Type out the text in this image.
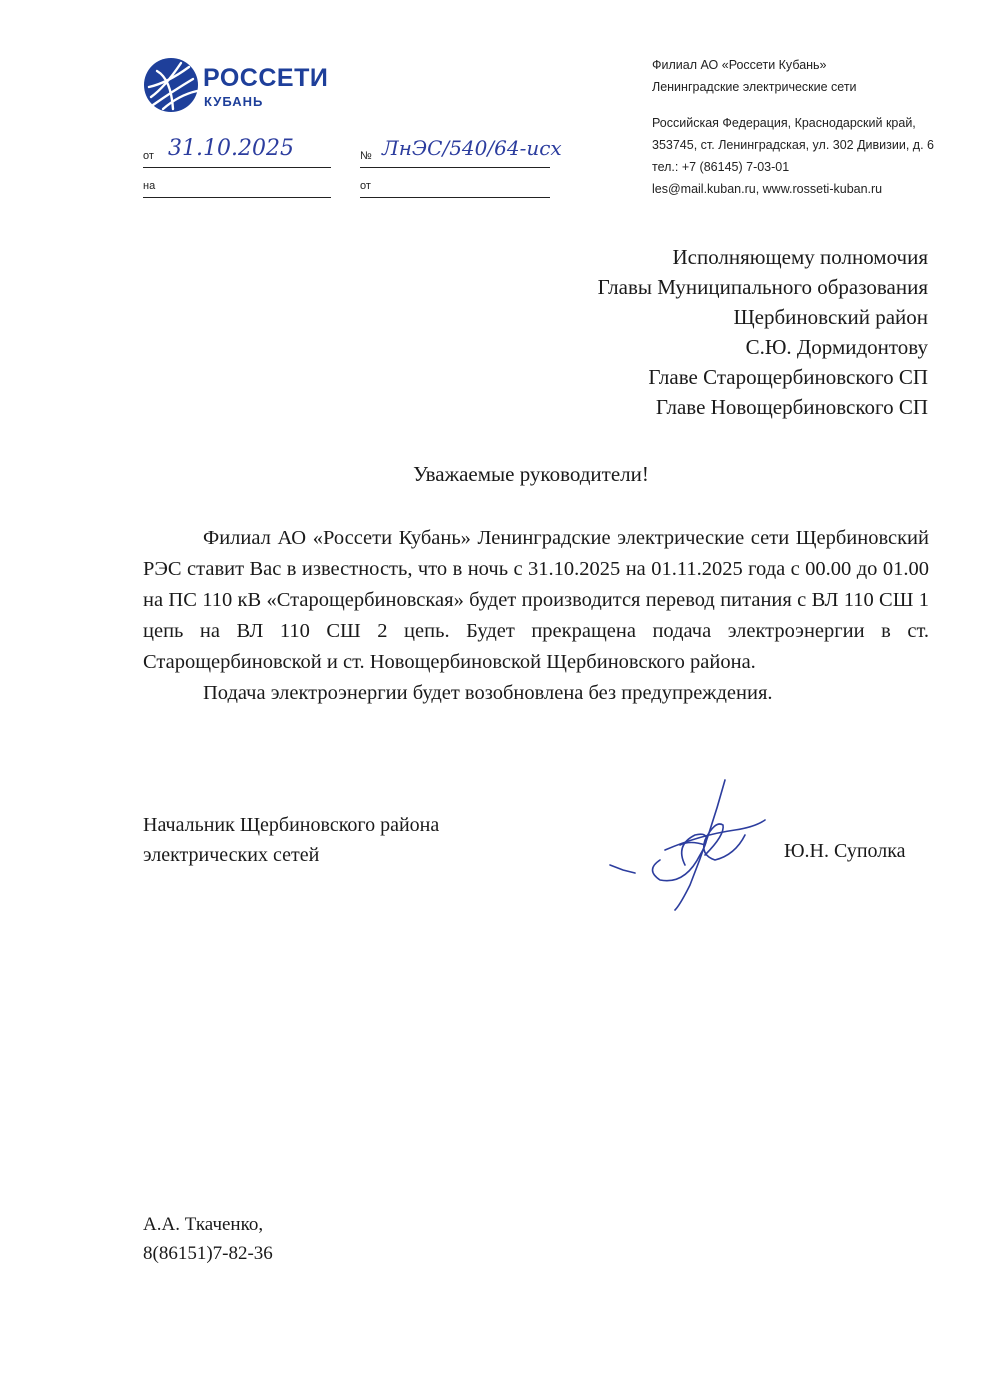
РОССЕТИ
КУБАНЬ
Филиал АО «Россети Кубань»
Ленинградские электрические сети
Российская Федерация, Краснодарский край,
353745, ст. Ленинградская, ул. 302 Дивизии, д. 6
тел.: +7 (86145) 7-03-01
les@mail.kuban.ru, www.rosseti-kuban.ru
от 31.10.2025
на
№ ЛнЭС/540/64-исх
от
Исполняющему полномочия
Главы Муниципального образования
Щербиновский район
С.Ю. Дормидонтову
Главе Старощербиновского СП
Главе Новощербиновского СП
Уважаемые руководители!

Филиал АО «Россети Кубань» Ленинградские электрические сети Щербиновский РЭС ставит Вас в известность, что в ночь с 31.10.2025 на 01.11.2025 года с 00.00 до 01.00 на ПС 110 кВ «Старощербиновская» будет производится перевод питания с ВЛ 110 СШ 1 цепь на ВЛ 110 СШ 2 цепь. Будет прекращена подача электроэнергии в ст. Старощербиновской и ст. Новощербиновской Щербиновского района.

Подача электроэнергии будет возобновлена без предупреждения.

Начальник Щербиновского района
электрических сетей	Ю.Н. Суполка
А.А. Ткаченко,
8(86151)7-82-36
